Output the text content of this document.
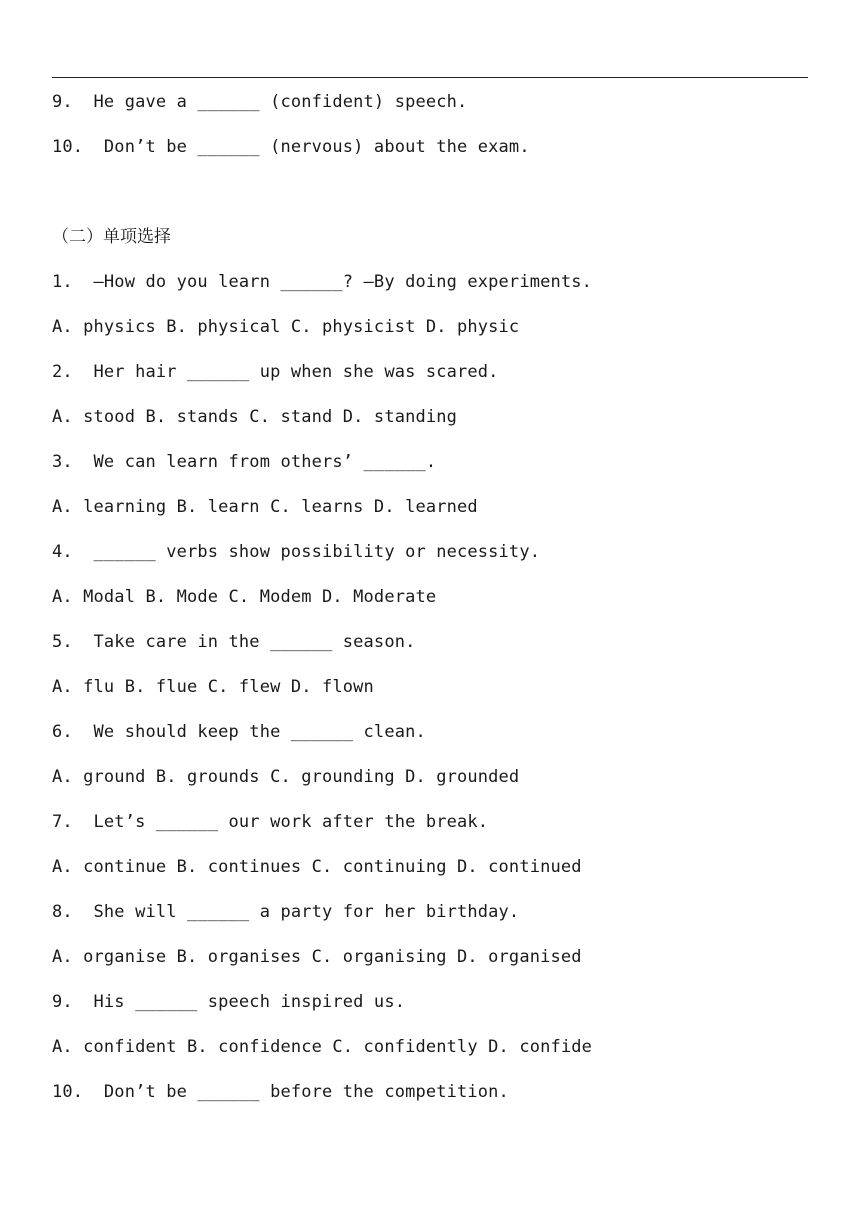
9.  He gave a ______ (confident) speech.
10.  Don’t be ______ (nervous) about the exam.
（二）单项选择
1.  —How do you learn ______? —By doing experiments.
A. physics B. physical C. physicist D. physic
2.  Her hair ______ up when she was scared.
A. stood B. stands C. stand D. standing
3.  We can learn from others’ ______.
A. learning B. learn C. learns D. learned
4.  ______ verbs show possibility or necessity.
A. Modal B. Mode C. Modem D. Moderate
5.  Take care in the ______ season.
A. flu B. flue C. flew D. flown
6.  We should keep the ______ clean.
A. ground B. grounds C. grounding D. grounded
7.  Let’s ______ our work after the break.
A. continue B. continues C. continuing D. continued
8.  She will ______ a party for her birthday.
A. organise B. organises C. organising D. organised
9.  His ______ speech inspired us.
A. confident B. confidence C. confidently D. confide
10.  Don’t be ______ before the competition.
